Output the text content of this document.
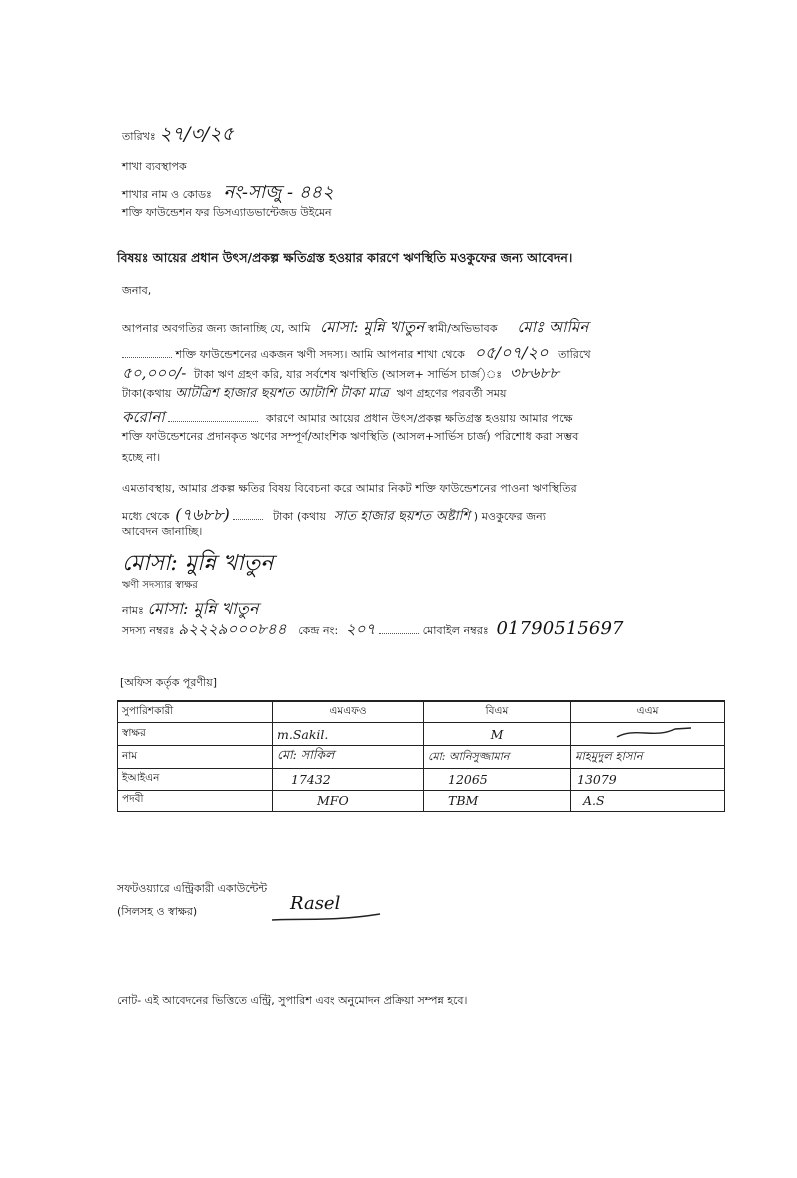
তারিখঃ ২৭/৩/২৫
শাখা ব্যবস্থাপক
শাখার নাম ও কোডঃ নং-সাজু - ৪৪২
শক্তি ফাউন্ডেশন ফর ডিসএ্যাডভান্টেজড উইমেন
বিষয়ঃ আয়ের প্রধান উৎস/প্রকল্প ক্ষতিগ্রস্ত হওয়ার কারণে ঋণস্থিতি মওকুফের জন্য আবেদন।
জনাব,
আপনার অবগতির জন্য জানাচ্ছি যে, আমি মোসা: মুন্নি খাতুন স্বামী/অভিভাবক মোঃ আমিন
শক্তি ফাউন্ডেশনের একজন ঋণী সদস্য। আমি আপনার শাখা থেকে ০৫/০৭/২০ তারিখে
৫০,০০০/- টাকা ঋণ গ্রহণ করি, যার সর্বশেষ ঋণস্থিতি (আসল+ সার্ভিস চার্জ)ঃ ৩৮৬৮৮
টাকা(কথায় আটত্রিশ হাজার ছয়শত আটাশি টাকা মাত্র ঋণ গ্রহণের পরবর্তী সময়
করোনা	কারণে আমার আয়ের প্রধান উৎস/প্রকল্প ক্ষতিগ্রস্ত হওয়ায় আমার পক্ষে
শক্তি ফাউন্ডেশনের প্রদানকৃত ঋণের সম্পূর্ণ/আংশিক ঋণস্থিতি (আসল+সার্ভিস চার্জ) পরিশোধ করা সম্ভব
হচ্ছে না।
এমতাবস্থায়, আমার প্রকল্প ক্ষতির বিষয় বিবেচনা করে আমার নিকট শক্তি ফাউন্ডেশনের পাওনা ঋণস্থিতির
মধ্যে থেকে (৭৬৮৮)	টাকা (কথায় সাত হাজার ছয়শত অষ্টাশি ) মওকুফের জন্য
আবেদন জানাচ্ছি।
মোসা: মুন্নি খাতুন
ঋণী সদস্যার স্বাক্ষর
নামঃ মোসা: মুন্নি খাতুন
সদস্য নম্বরঃ ৯২২২৯০০০৮৪৪ কেন্দ্র নং: ২০৭	মোবাইল নম্বরঃ 01790515697
[অফিস কর্তৃক পূরণীয়]
সুপারিশকারী	এমএফও	বিএম	এএম
স্বাক্ষর	m.Sakil.	M	
নাম	মো: সাকিল	মো: আনিসুজ্জামান	মাহমুদুল হাসান
ইআইএন	17432	12065	13079
পদবী	MFO	TBM	A.S
সফটওয়্যারে এন্ট্রিকারী একাউন্টেন্ট
(সিলসহ ও স্বাক্ষর)	Rasel
নোট- এই আবেদনের ভিত্তিতে এন্ট্রি, সুপারিশ এবং অনুমোদন প্রক্রিয়া সম্পন্ন হবে।
